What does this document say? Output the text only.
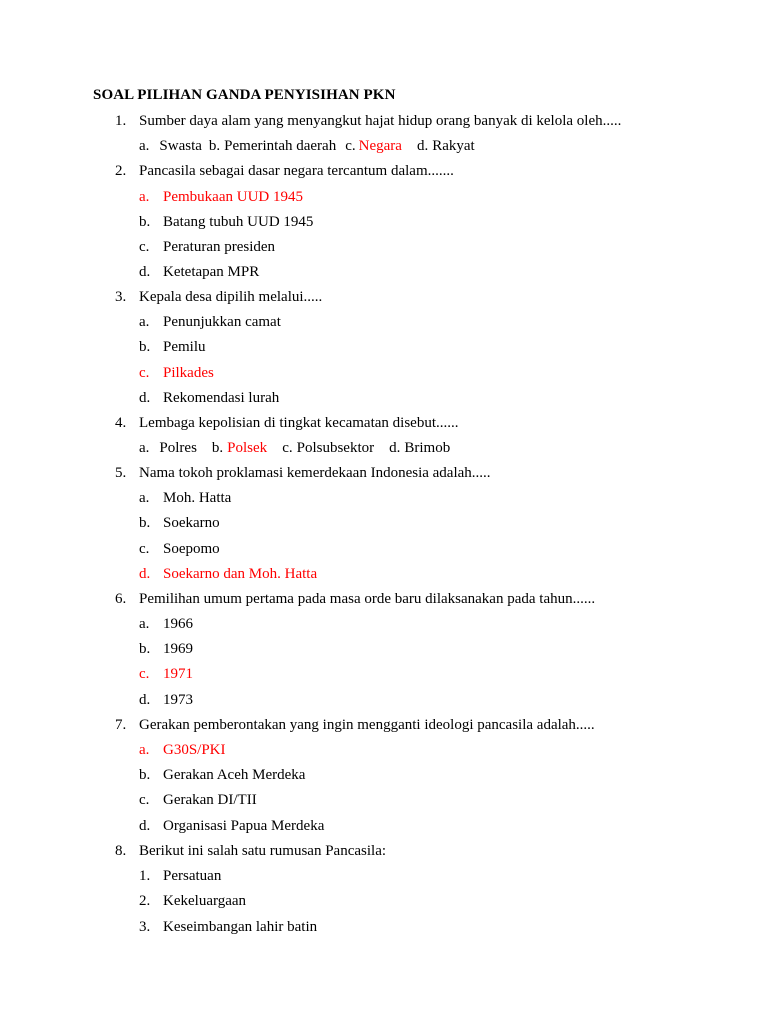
SOAL PILIHAN GANDA PENYISIHAN PKN
1. Sumber daya alam yang menyangkut hajat hidup orang banyak di kelola oleh.....
a. Swasta b. Pemerintah daerah c. Negara d. Rakyat
2. Pancasila sebagai dasar negara tercantum dalam.......
a. Pembukaan UUD 1945
b. Batang tubuh UUD 1945
c. Peraturan presiden
d. Ketetapan MPR
3. Kepala desa dipilih melalui.....
a. Penunjukkan camat
b. Pemilu
c. Pilkades
d. Rekomendasi lurah
4. Lembaga kepolisian di tingkat kecamatan disebut......
a. Polres b. Polsek c. Polsubsektor d. Brimob
5. Nama tokoh proklamasi kemerdekaan Indonesia adalah.....
a. Moh. Hatta
b. Soekarno
c. Soepomo
d. Soekarno dan Moh. Hatta
6. Pemilihan umum pertama pada masa orde baru dilaksanakan pada tahun......
a. 1966
b. 1969
c. 1971
d. 1973
7. Gerakan pemberontakan yang ingin mengganti ideologi pancasila adalah.....
a. G30S/PKI
b. Gerakan Aceh Merdeka
c. Gerakan DI/TII
d. Organisasi Papua Merdeka
8. Berikut ini salah satu rumusan Pancasila:
1. Persatuan
2. Kekeluargaan
3. Keseimbangan lahir batin
